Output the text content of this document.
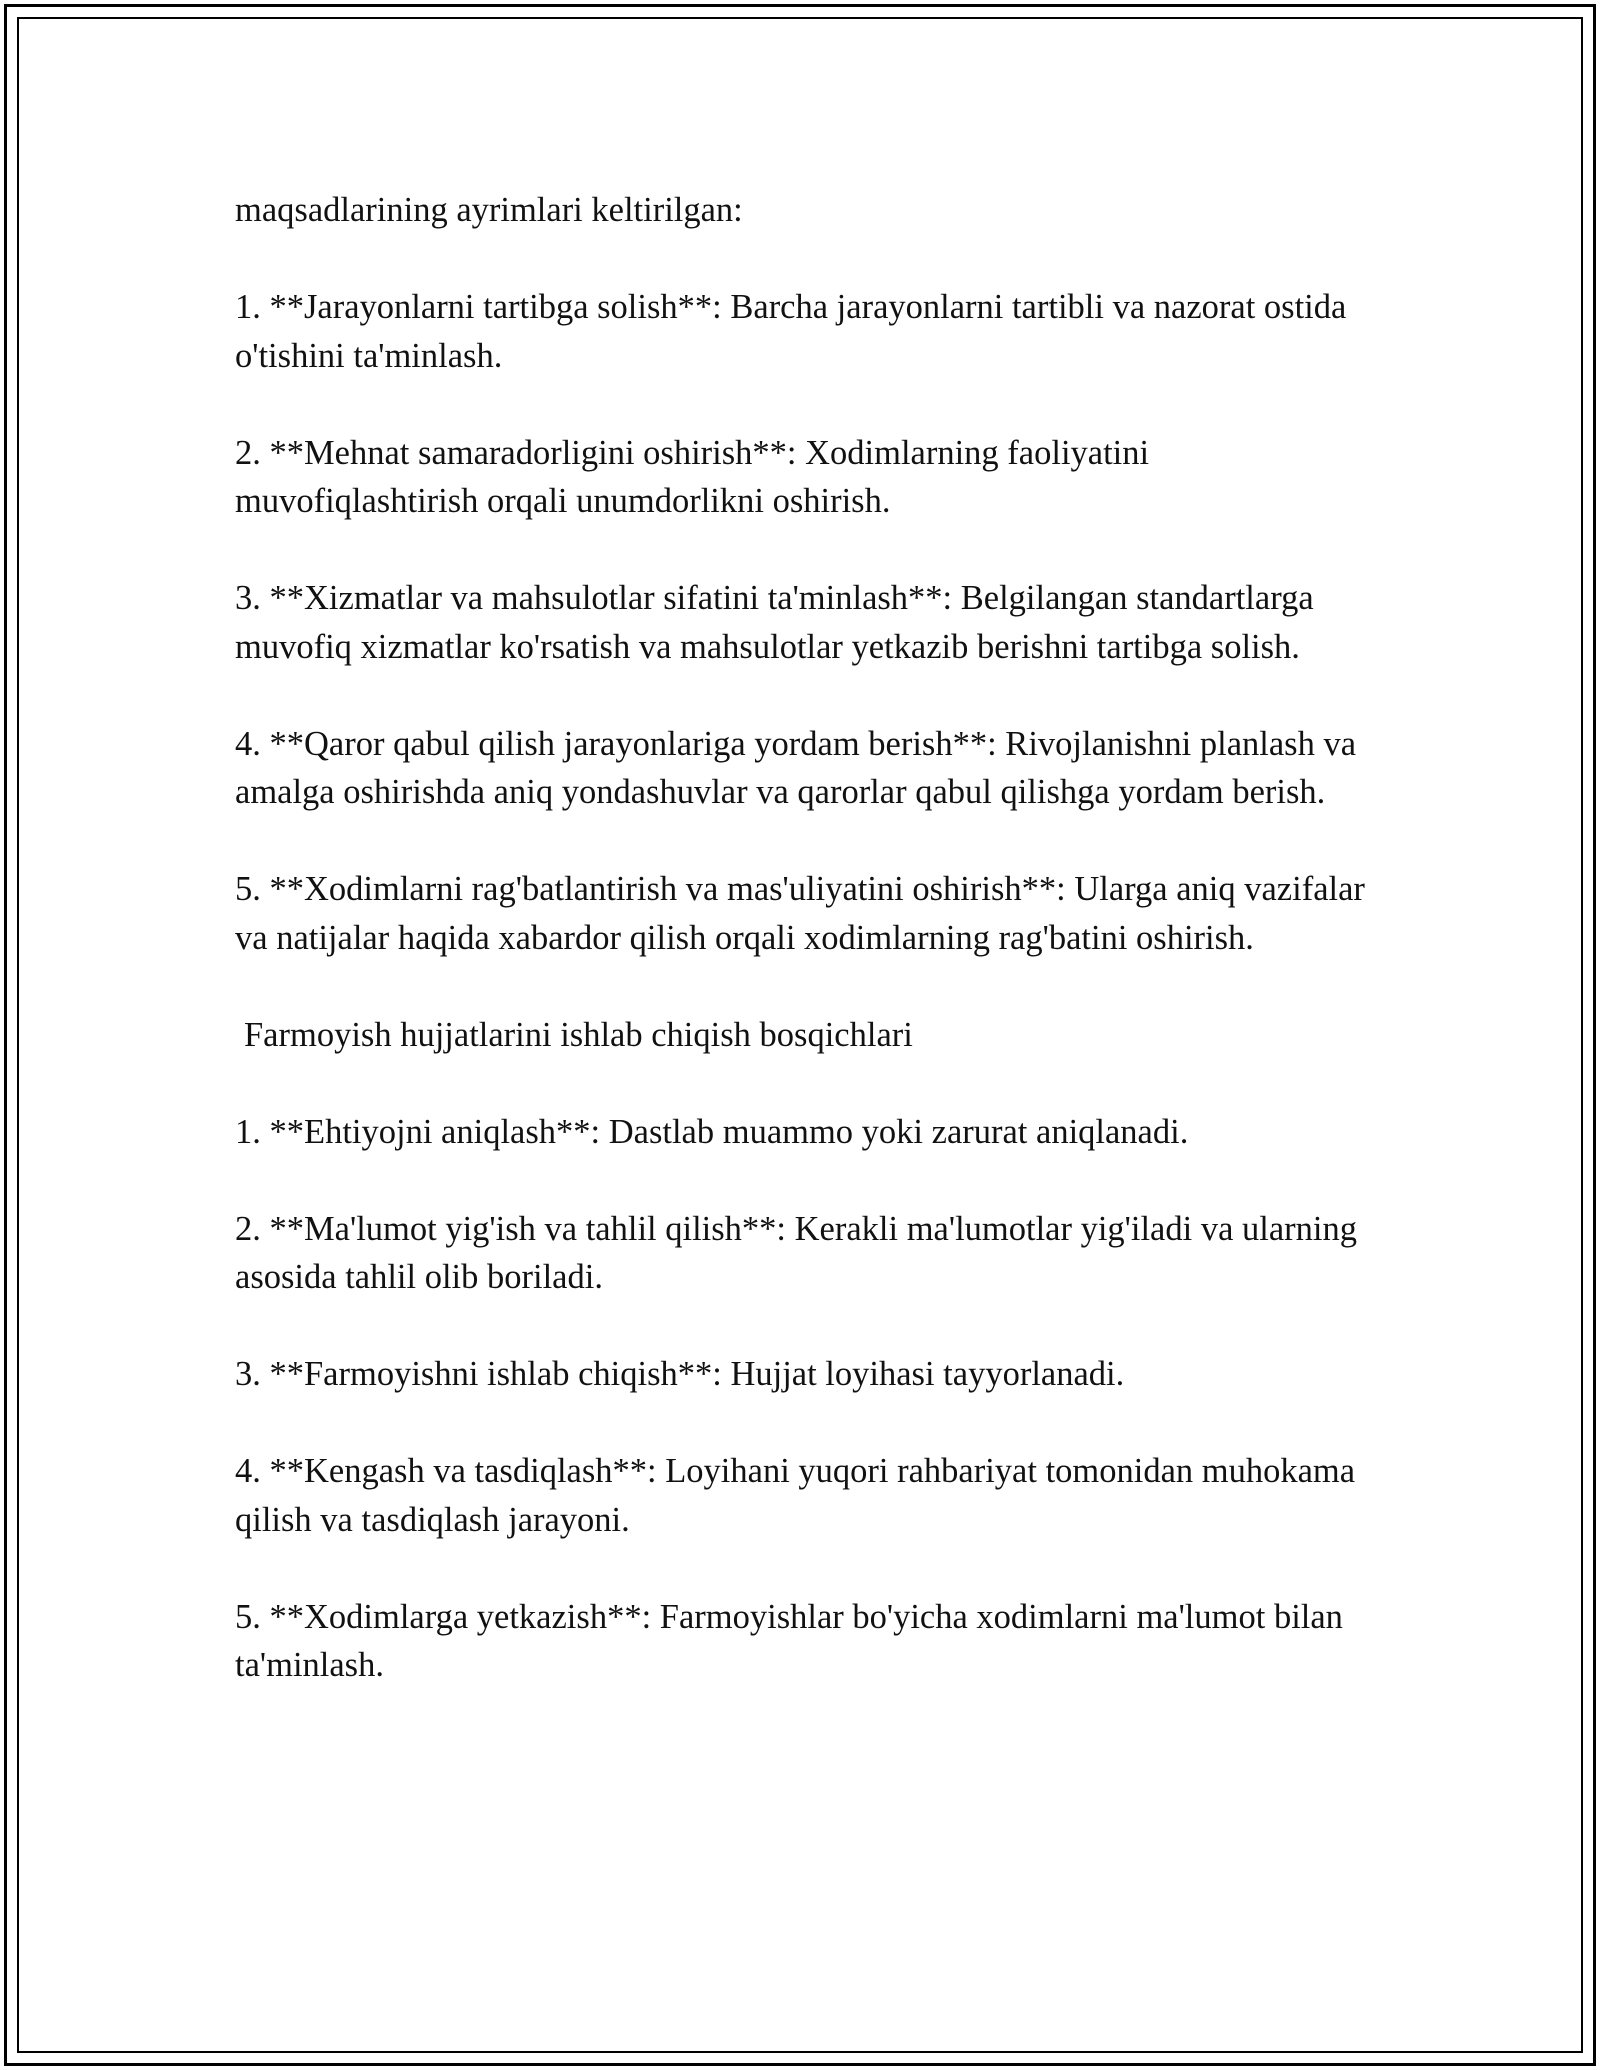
maqsadlarining ayrimlari keltirilgan:

1. **Jarayonlarni tartibga solish**: Barcha jarayonlarni tartibli va nazorat ostida o'tishini ta'minlash.

2. **Mehnat samaradorligini oshirish**: Xodimlarning faoliyatini muvofiqlashtirish orqali unumdorlikni oshirish.

3. **Xizmatlar va mahsulotlar sifatini ta'minlash**: Belgilangan standartlarga muvofiq xizmatlar ko'rsatish va mahsulotlar yetkazib berishni tartibga solish.

4. **Qaror qabul qilish jarayonlariga yordam berish**: Rivojlanishni planlash va amalga oshirishda aniq yondashuvlar va qarorlar qabul qilishga yordam berish.

5. **Xodimlarni rag'batlantirish va mas'uliyatini oshirish**: Ularga aniq vazifalar va natijalar haqida xabardor qilish orqali xodimlarning rag'batini oshirish.

Farmoyish hujjatlarini ishlab chiqish bosqichlari

1. **Ehtiyojni aniqlash**: Dastlab muammo yoki zarurat aniqlanadi.

2. **Ma'lumot yig'ish va tahlil qilish**: Kerakli ma'lumotlar yig'iladi va ularning asosida tahlil olib boriladi.

3. **Farmoyishni ishlab chiqish**: Hujjat loyihasi tayyorlanadi.

4. **Kengash va tasdiqlash**: Loyihani yuqori rahbariyat tomonidan muhokama qilish va tasdiqlash jarayoni.

5. **Xodimlarga yetkazish**: Farmoyishlar bo'yicha xodimlarni ma'lumot bilan ta'minlash.
